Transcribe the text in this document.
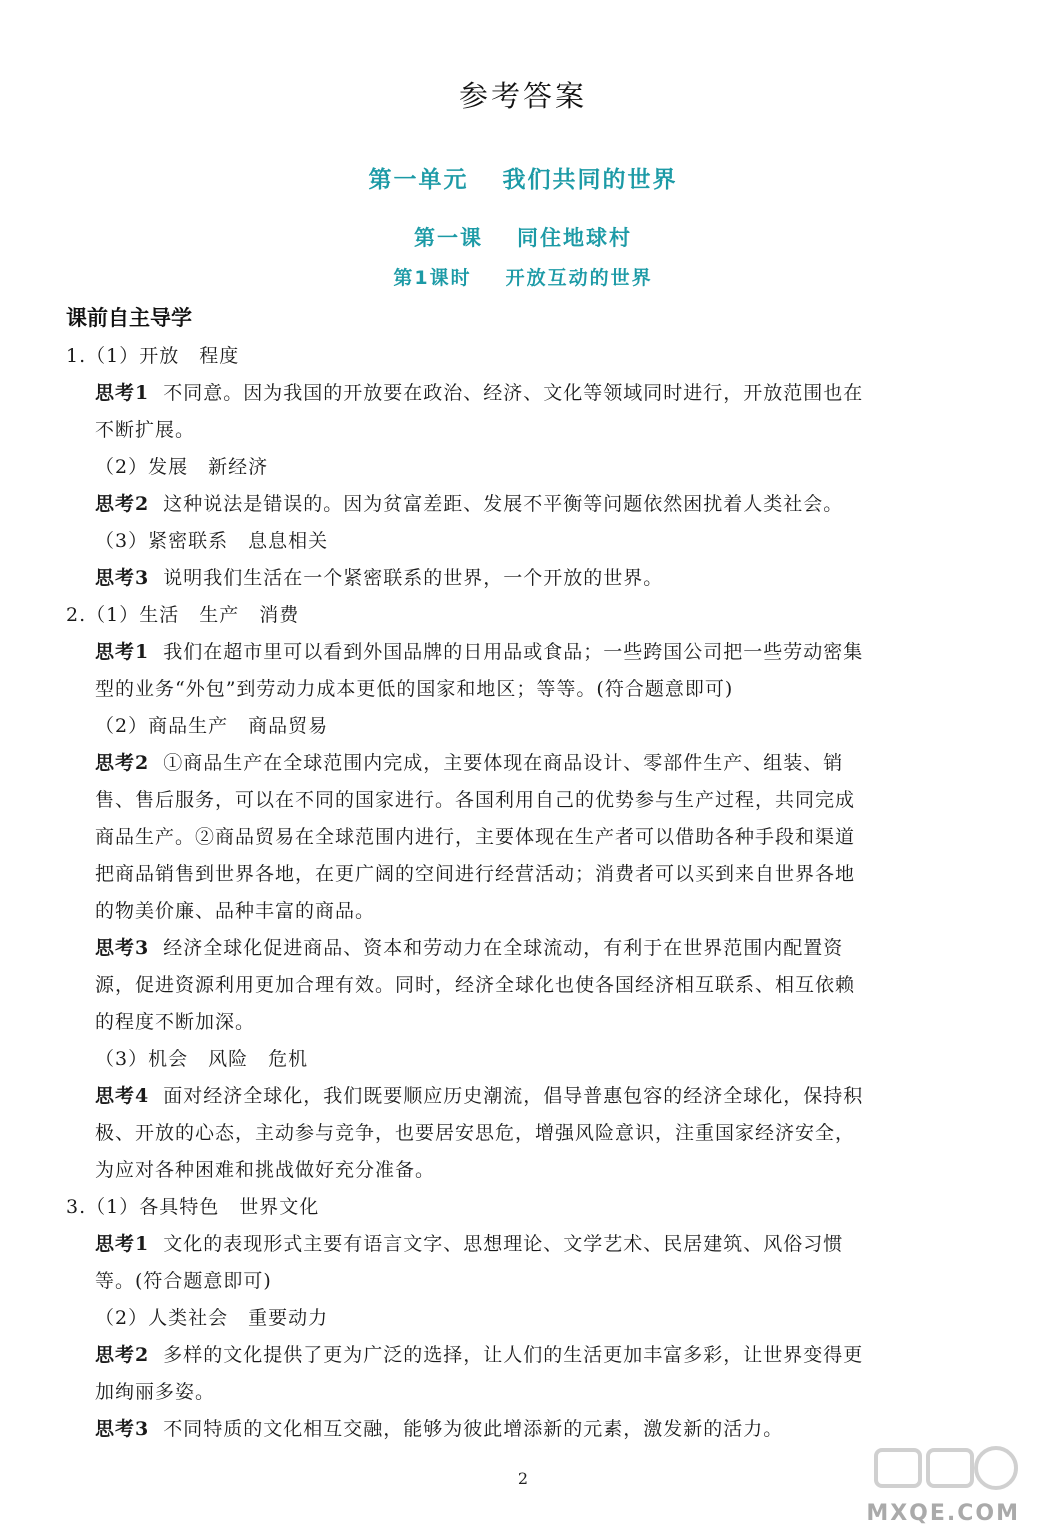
参考答案
第一单元 我们共同的世界
第一课 同住地球村
第1课时 开放互动的世界
课前自主导学
1.（1）开放　程度
思考1 不同意。因为我国的开放要在政治、经济、文化等领域同时进行，开放范围也在
不断扩展。
（2）发展　新经济
思考2 这种说法是错误的。因为贫富差距、发展不平衡等问题依然困扰着人类社会。
（3）紧密联系　息息相关
思考3 说明我们生活在一个紧密联系的世界，一个开放的世界。
2.（1）生活　生产　消费
思考1 我们在超市里可以看到外国品牌的日用品或食品；一些跨国公司把一些劳动密集
型的业务“外包”到劳动力成本更低的国家和地区；等等。(符合题意即可)
（2）商品生产　商品贸易
思考2 ①商品生产在全球范围内完成，主要体现在商品设计、零部件生产、组装、销
售、售后服务，可以在不同的国家进行。各国利用自己的优势参与生产过程，共同完成
商品生产。②商品贸易在全球范围内进行，主要体现在生产者可以借助各种手段和渠道
把商品销售到世界各地，在更广阔的空间进行经营活动；消费者可以买到来自世界各地
的物美价廉、品种丰富的商品。
思考3 经济全球化促进商品、资本和劳动力在全球流动，有利于在世界范围内配置资
源，促进资源利用更加合理有效。同时，经济全球化也使各国经济相互联系、相互依赖
的程度不断加深。
（3）机会　风险　危机
思考4 面对经济全球化，我们既要顺应历史潮流，倡导普惠包容的经济全球化，保持积
极、开放的心态，主动参与竞争，也要居安思危，增强风险意识，注重国家经济安全，
为应对各种困难和挑战做好充分准备。
3.（1）各具特色　世界文化
思考1 文化的表现形式主要有语言文字、思想理论、文学艺术、民居建筑、风俗习惯
等。(符合题意即可)
（2）人类社会　重要动力
思考2 多样的文化提供了更为广泛的选择，让人们的生活更加丰富多彩，让世界变得更
加绚丽多姿。
思考3 不同特质的文化相互交融，能够为彼此增添新的元素，激发新的活力。
2
MXQE.COM
